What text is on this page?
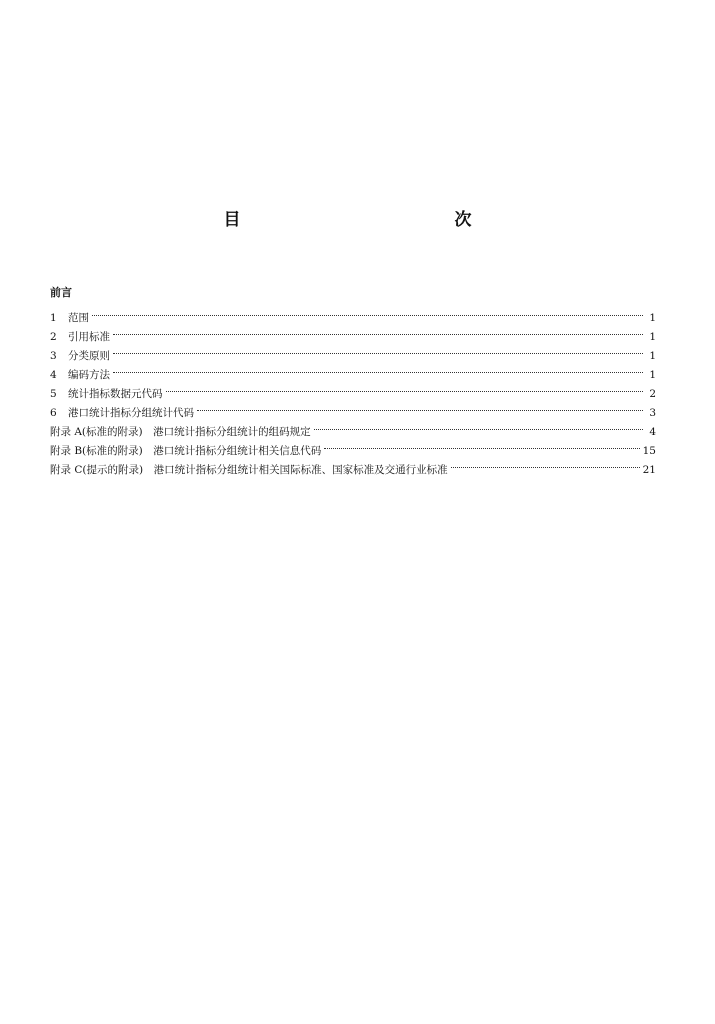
目　　次
前言
1	范围	1
2	引用标准	1
3	分类原则	1
4	编码方法	1
5	统计指标数据元代码	2
6	港口统计指标分组统计代码	3
附录 A(标准的附录)　港口统计指标分组统计的组码规定	4
附录 B(标准的附录)　港口统计指标分组统计相关信息代码	15
附录 C(提示的附录)　港口统计指标分组统计相关国际标准、国家标准及交通行业标准	21
